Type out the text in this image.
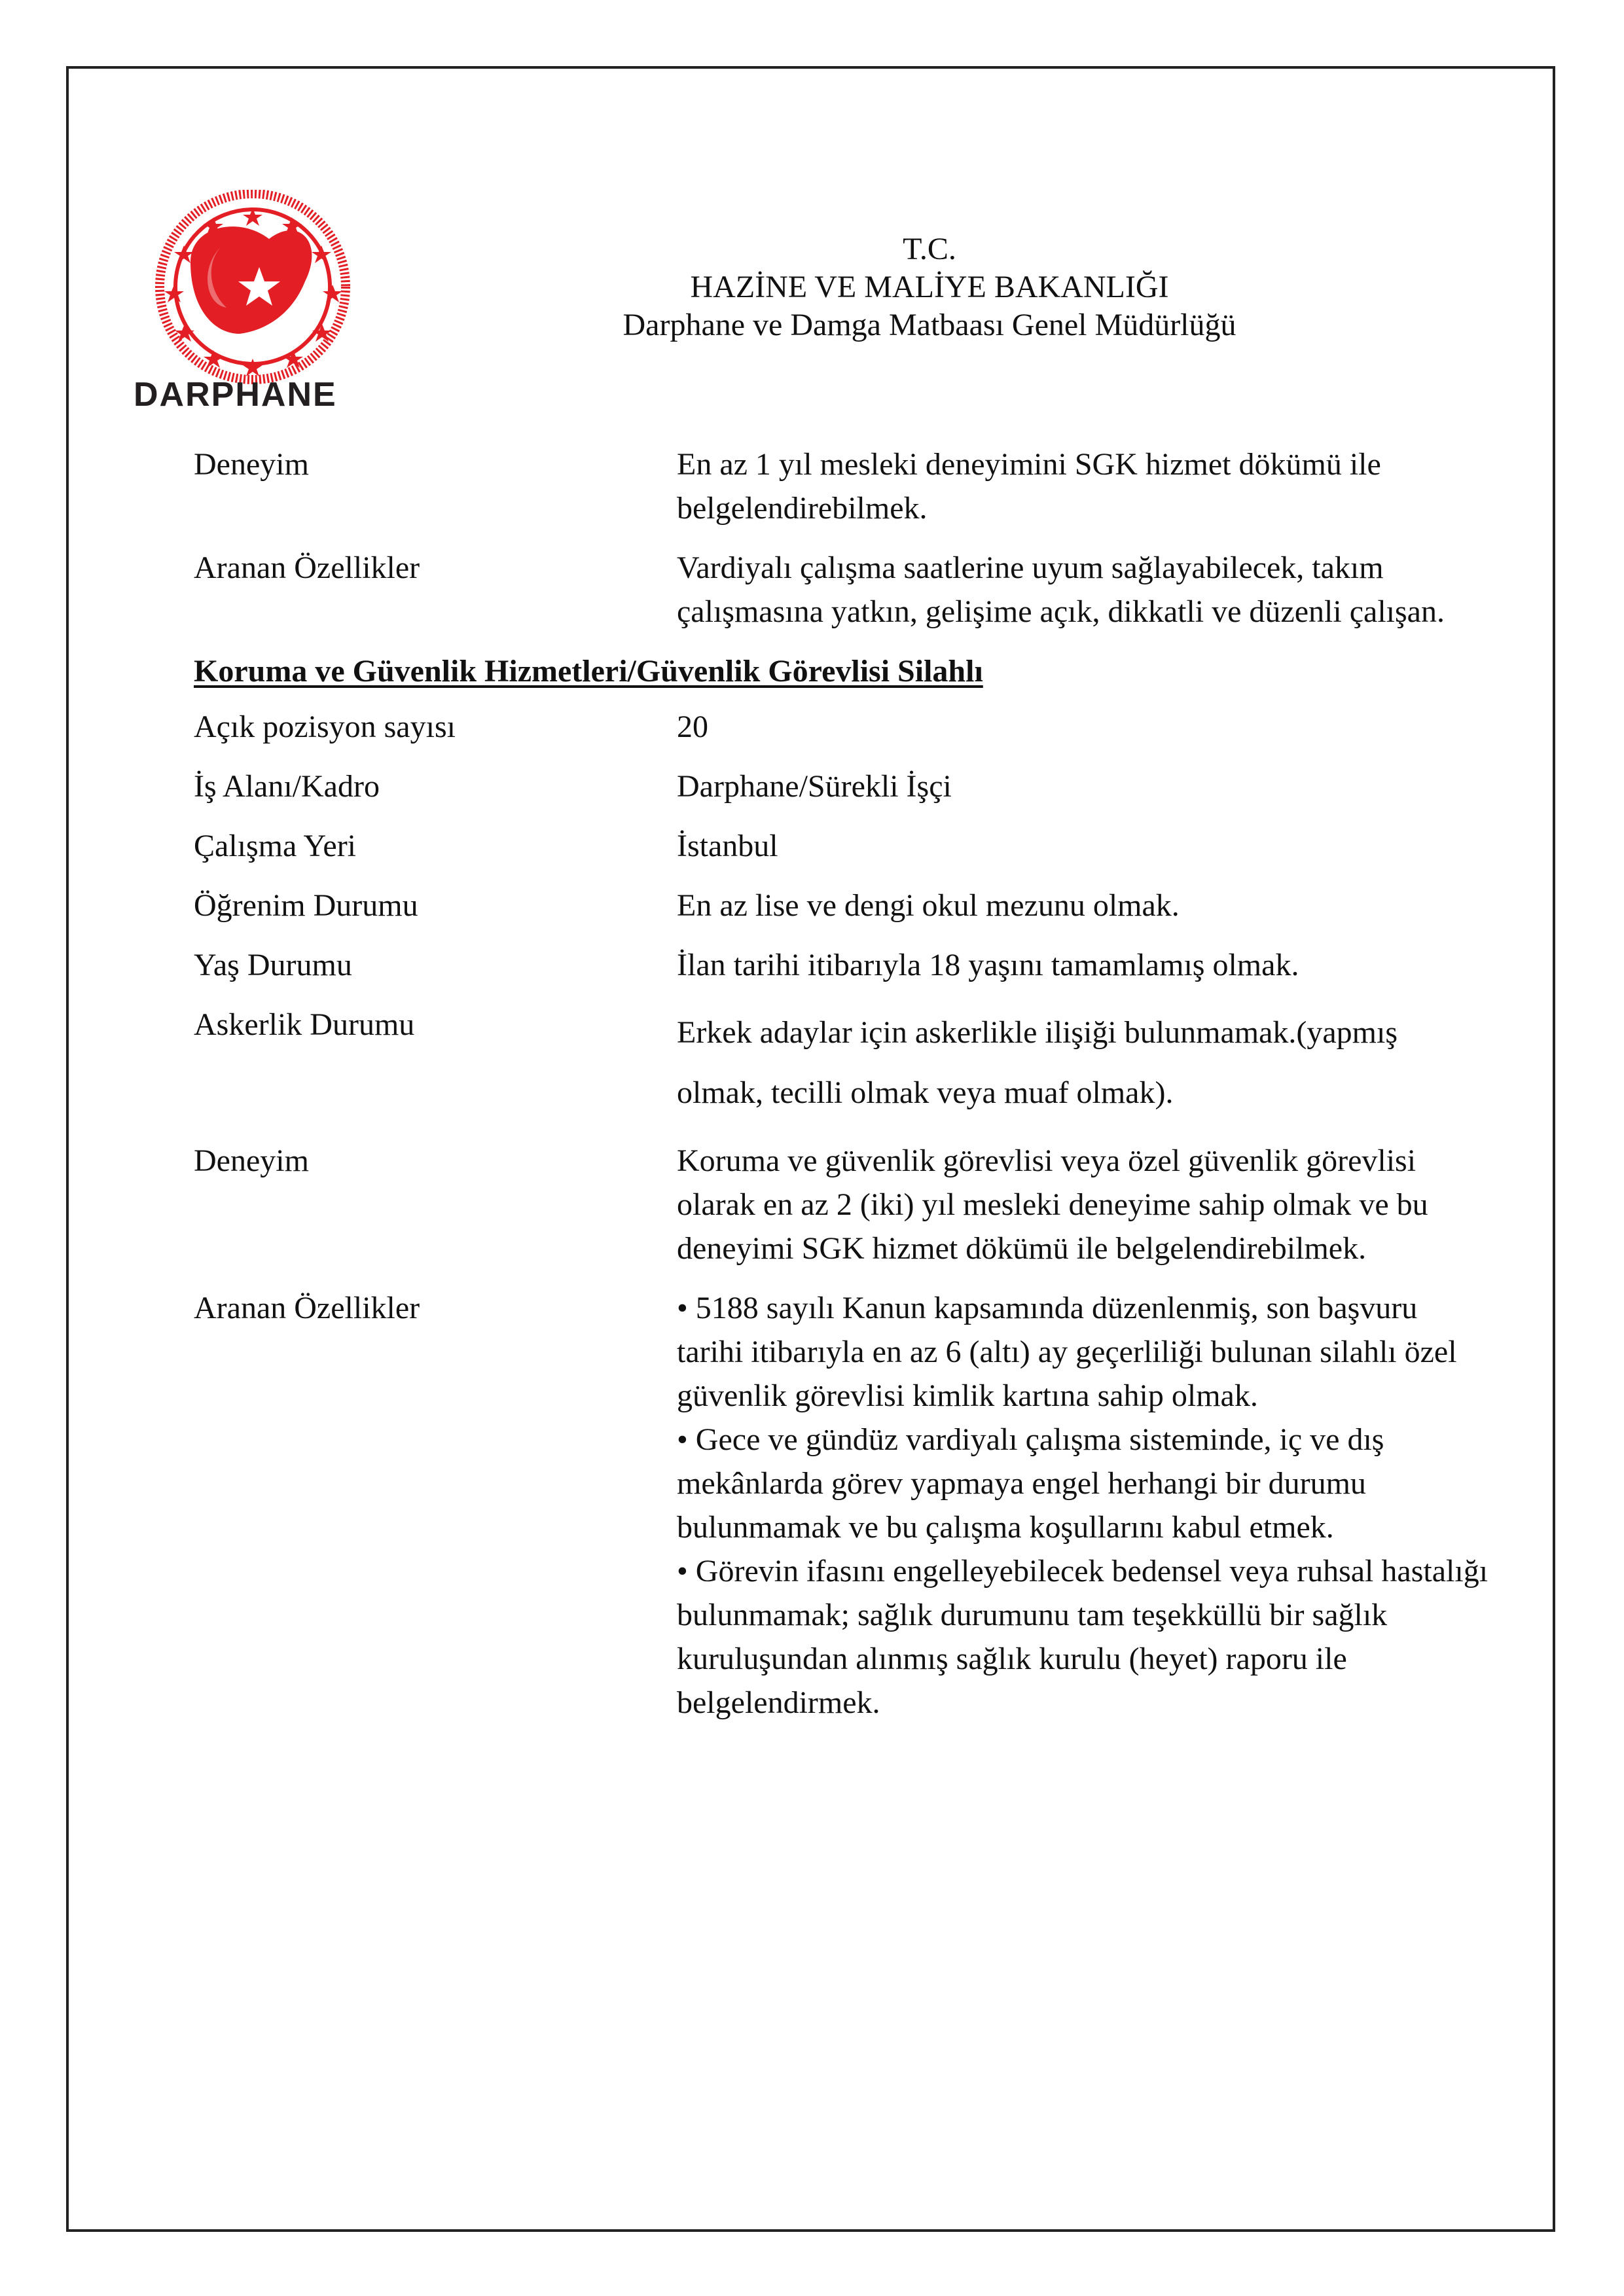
DARPHANE
T.C.
HAZİNE VE MALİYE BAKANLIĞI
Darphane ve Damga Matbaası Genel Müdürlüğü
Deneyim	En az 1 yıl mesleki deneyimini SGK hizmet dökümü ile belgelendirebilmek.
Aranan Özellikler	Vardiyalı çalışma saatlerine uyum sağlayabilecek, takım çalışmasına yatkın, gelişime açık, dikkatli ve düzenli çalışan.
Koruma ve Güvenlik Hizmetleri/Güvenlik Görevlisi Silahlı
Açık pozisyon sayısı	20
İş Alanı/Kadro	Darphane/Sürekli İşçi
Çalışma Yeri	İstanbul
Öğrenim Durumu	En az lise ve dengi okul mezunu olmak.
Yaş Durumu	İlan tarihi itibarıyla 18 yaşını tamamlamış olmak.
Askerlik Durumu	Erkek adaylar için askerlikle ilişiği bulunmamak.(yapmış olmak, tecilli olmak veya muaf olmak).
Deneyim	Koruma ve güvenlik görevlisi veya özel güvenlik görevlisi olarak en az 2 (iki) yıl mesleki deneyime sahip olmak ve bu deneyimi SGK hizmet dökümü ile belgelendirebilmek.
Aranan Özellikler	• 5188 sayılı Kanun kapsamında düzenlenmiş, son başvuru tarihi itibarıyla en az 6 (altı) ay geçerliliği bulunan silahlı özel güvenlik görevlisi kimlik kartına sahip olmak.
• Gece ve gündüz vardiyalı çalışma sisteminde, iç ve dış mekânlarda görev yapmaya engel herhangi bir durumu bulunmamak ve bu çalışma koşullarını kabul etmek.
• Görevin ifasını engelleyebilecek bedensel veya ruhsal hastalığı bulunmamak; sağlık durumunu tam teşekküllü bir sağlık kuruluşundan alınmış sağlık kurulu (heyet) raporu ile belgelendirmek.
